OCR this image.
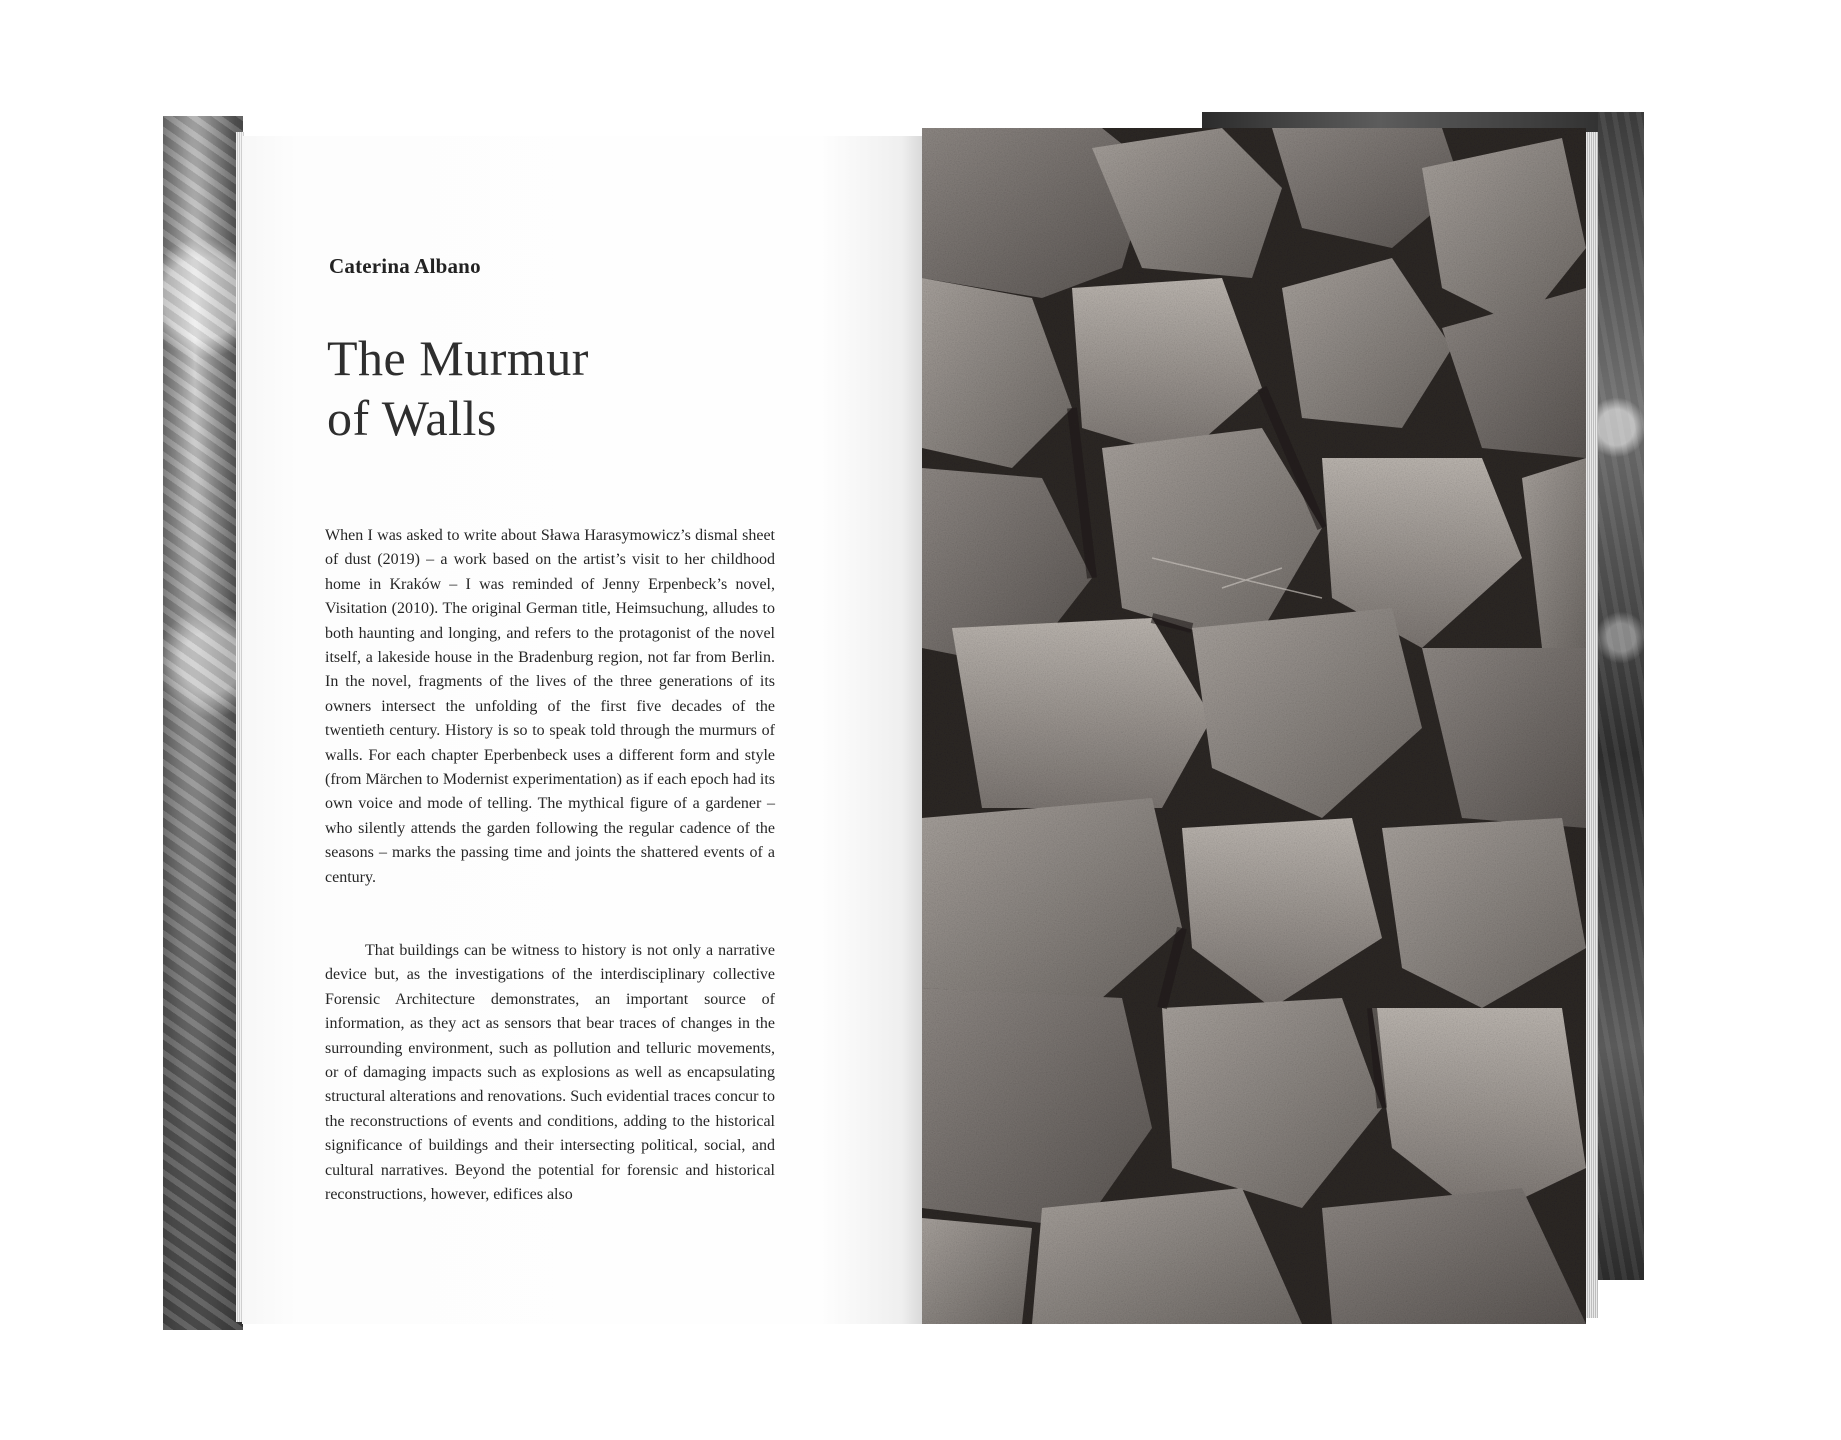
Caterina Albano
The Murmur
of Walls

When I was asked to write about Sława Harasymowicz’s dismal sheet of dust (2019) – a work based on the artist’s visit to her childhood home in Kraków – I was reminded of Jenny Erpenbeck’s novel, Visitation (2010). The original German title, Heimsuchung, alludes to both haunting and longing, and refers to the protagonist of the novel itself, a lakeside house in the Bradenburg region, not far from Berlin. In the novel, fragments of the lives of the three generations of its owners intersect the unfolding of the first five decades of the twentieth century. History is so to speak told through the murmurs of walls. For each chapter Eperbenbeck uses a different form and style (from Märchen to Modernist experimentation) as if each epoch had its own voice and mode of telling. The mythical figure of a gardener – who silently attends the garden following the regular cadence of the seasons – marks the passing time and joints the shattered events of a century.

That buildings can be witness to history is not only a narrative device but, as the investigations of the interdisciplinary collective Forensic Architecture demonstrates, an important source of information, as they act as sensors that bear traces of changes in the surrounding environment, such as pollution and telluric movements, or of damaging impacts such as explosions as well as encapsulating structural alterations and renovations. Such evidential traces concur to the reconstructions of events and conditions, adding to the historical significance of buildings and their intersecting political, social, and cultural narratives. Beyond the potential for forensic and historical reconstructions, however, edifices also
